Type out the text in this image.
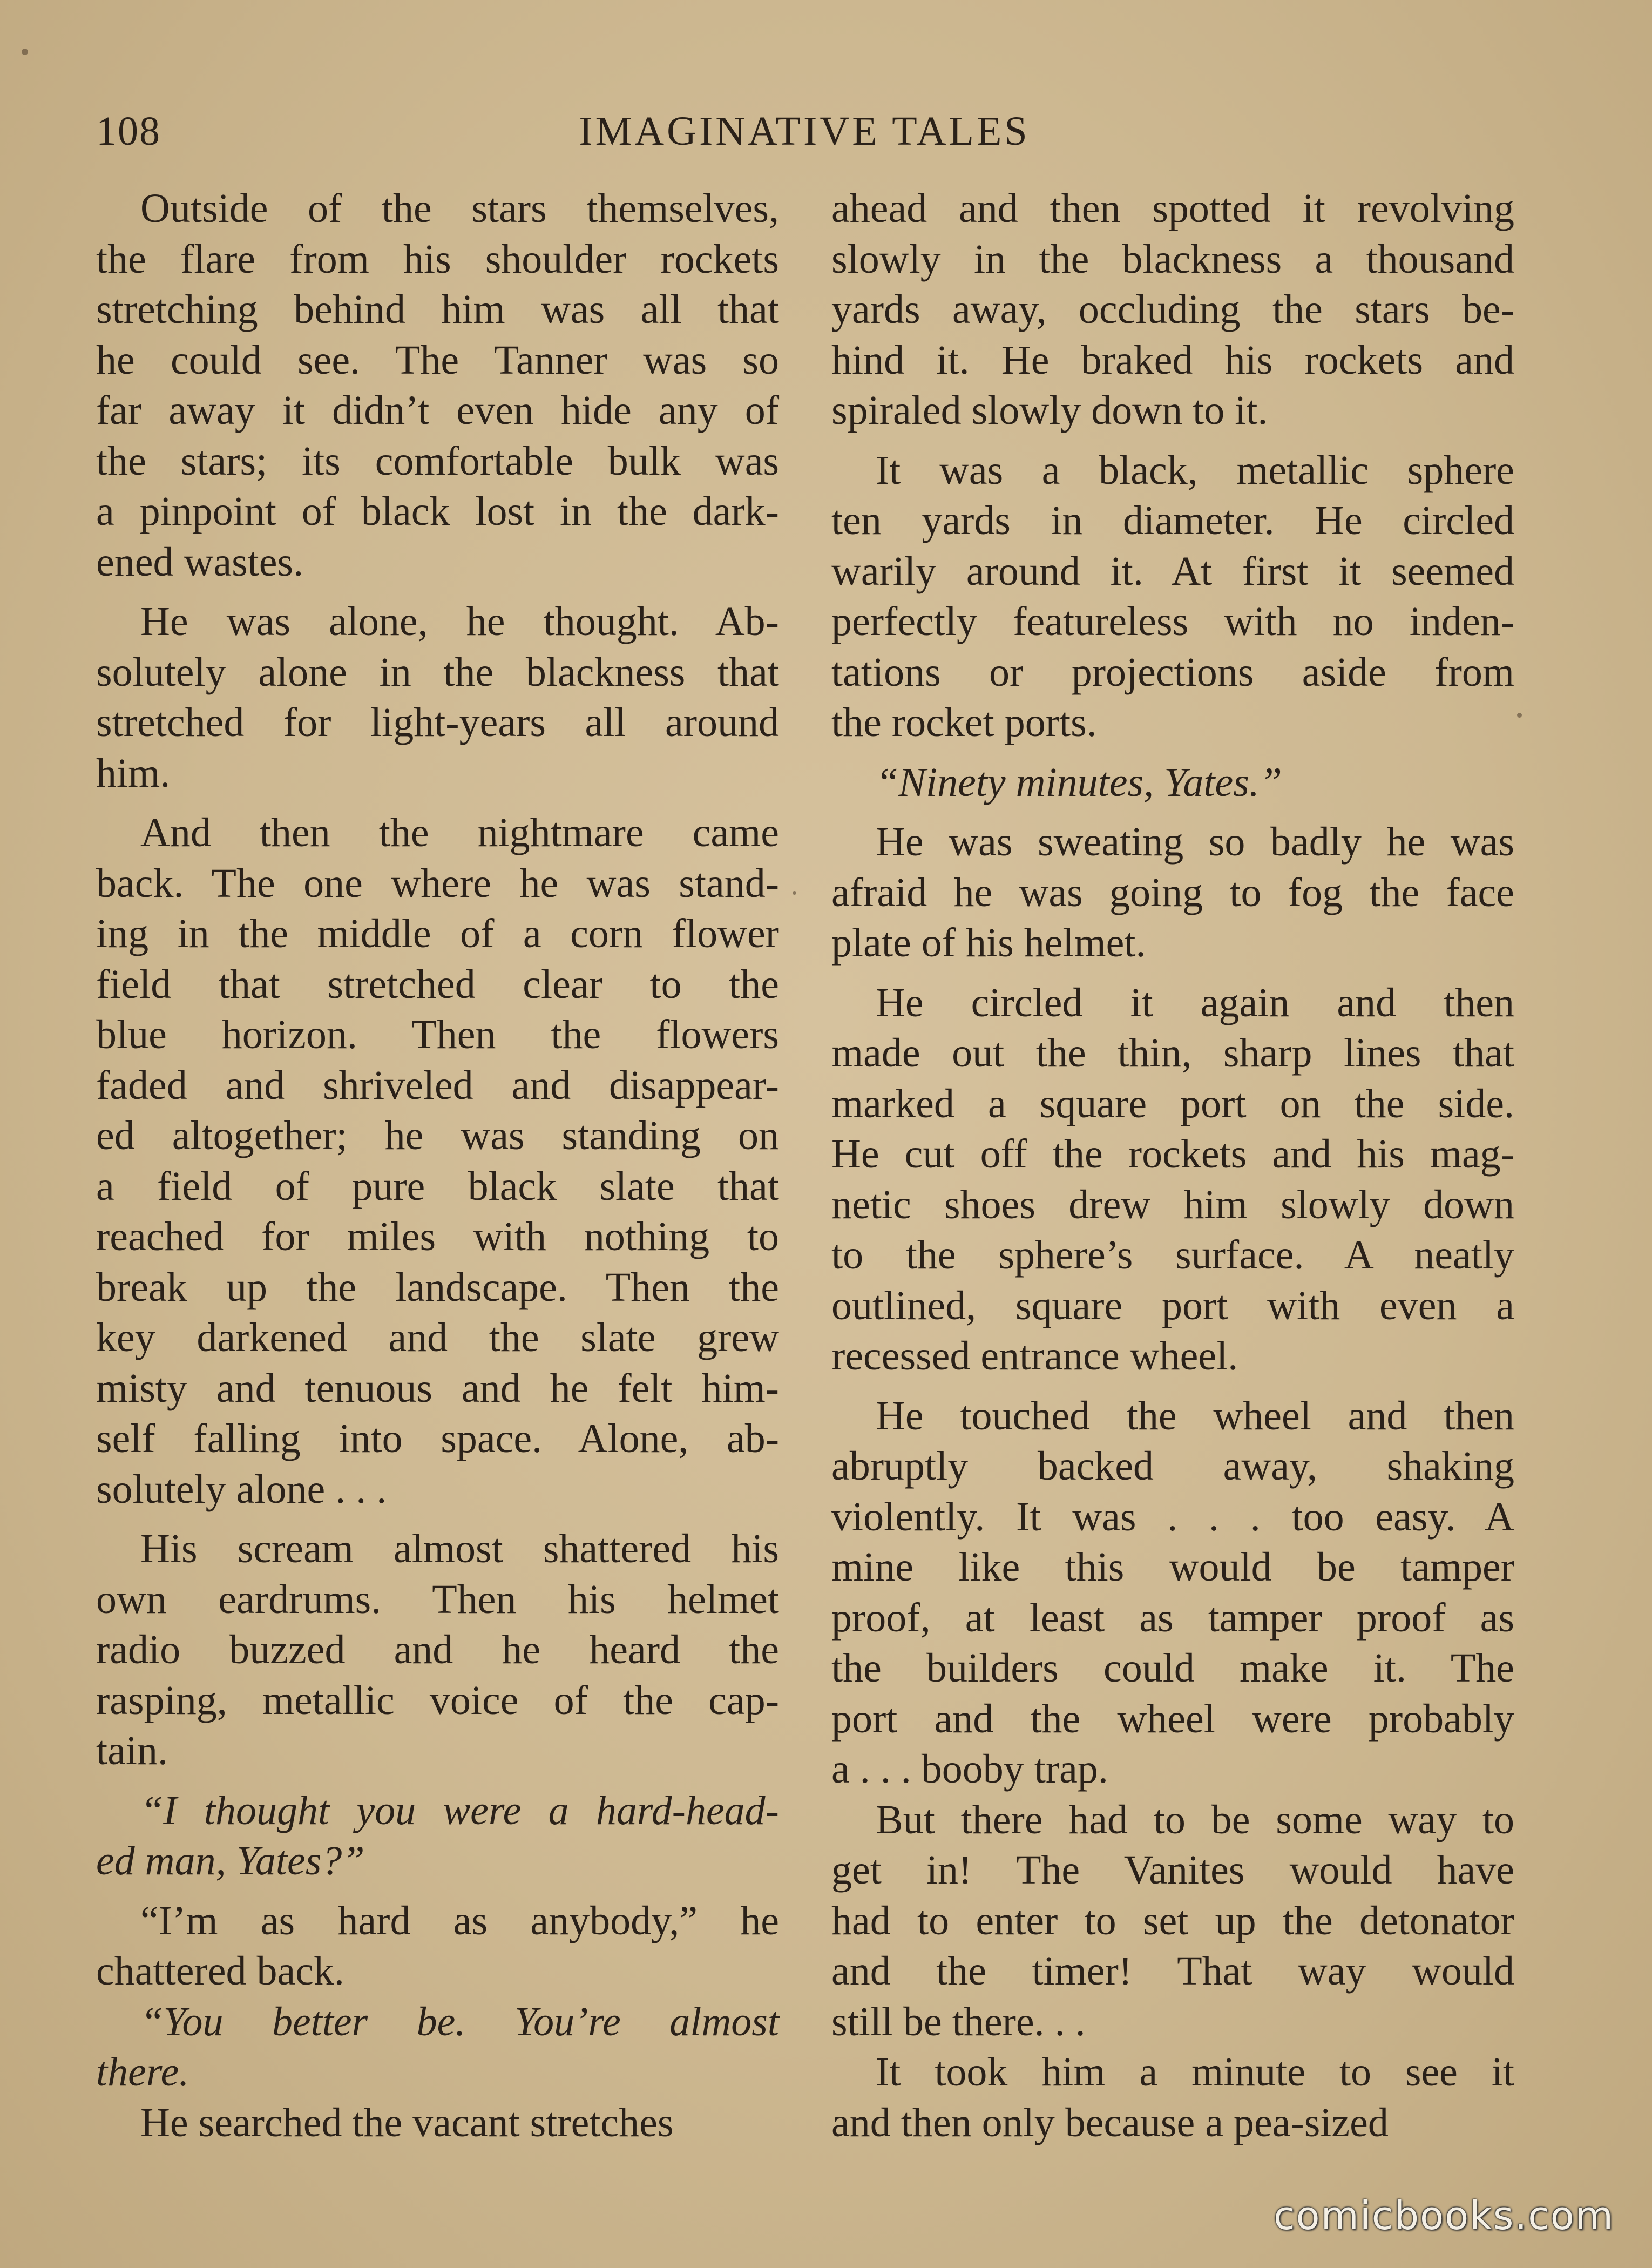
108	IMAGINATIVE TALES
Outside of the stars themselves,
the flare from his shoulder rockets
stretching behind him was all that
he could see. The Tanner was so
far away it didn’t even hide any of
the stars; its comfortable bulk was
a pinpoint of black lost in the dark-
ened wastes.
He was alone, he thought. Ab-
solutely alone in the blackness that
stretched for light-years all around
him.
And then the nightmare came
back. The one where he was stand-
ing in the middle of a corn flower
field that stretched clear to the
blue horizon. Then the flowers
faded and shriveled and disappear-
ed altogether; he was standing on
a field of pure black slate that
reached for miles with nothing to
break up the landscape. Then the
key darkened and the slate grew
misty and tenuous and he felt him-
self falling into space. Alone, ab-
solutely alone . . .
His scream almost shattered his
own eardrums. Then his helmet
radio buzzed and he heard the
rasping, metallic voice of the cap-
tain.
“I thought you were a hard-head-
ed man, Yates?”
“I’m as hard as anybody,” he
chattered back.
“You better be. You’re almost
there.
He searched the vacant stretches
ahead and then spotted it revolving
slowly in the blackness a thousand
yards away, occluding the stars be-
hind it. He braked his rockets and
spiraled slowly down to it.
It was a black, metallic sphere
ten yards in diameter. He circled
warily around it. At first it seemed
perfectly featureless with no inden-
tations or projections aside from
the rocket ports.
“Ninety minutes, Yates.”
He was sweating so badly he was
afraid he was going to fog the face
plate of his helmet.
He circled it again and then
made out the thin, sharp lines that
marked a square port on the side.
He cut off the rockets and his mag-
netic shoes drew him slowly down
to the sphere’s surface. A neatly
outlined, square port with even a
recessed entrance wheel.
He touched the wheel and then
abruptly backed away, shaking
violently. It was . . . too easy. A
mine like this would be tamper
proof, at least as tamper proof as
the builders could make it. The
port and the wheel were probably
a . . . booby trap.
But there had to be some way to
get in! The Vanites would have
had to enter to set up the detonator
and the timer! That way would
still be there. . .
It took him a minute to see it
and then only because a pea-sized
comicbooks.com
